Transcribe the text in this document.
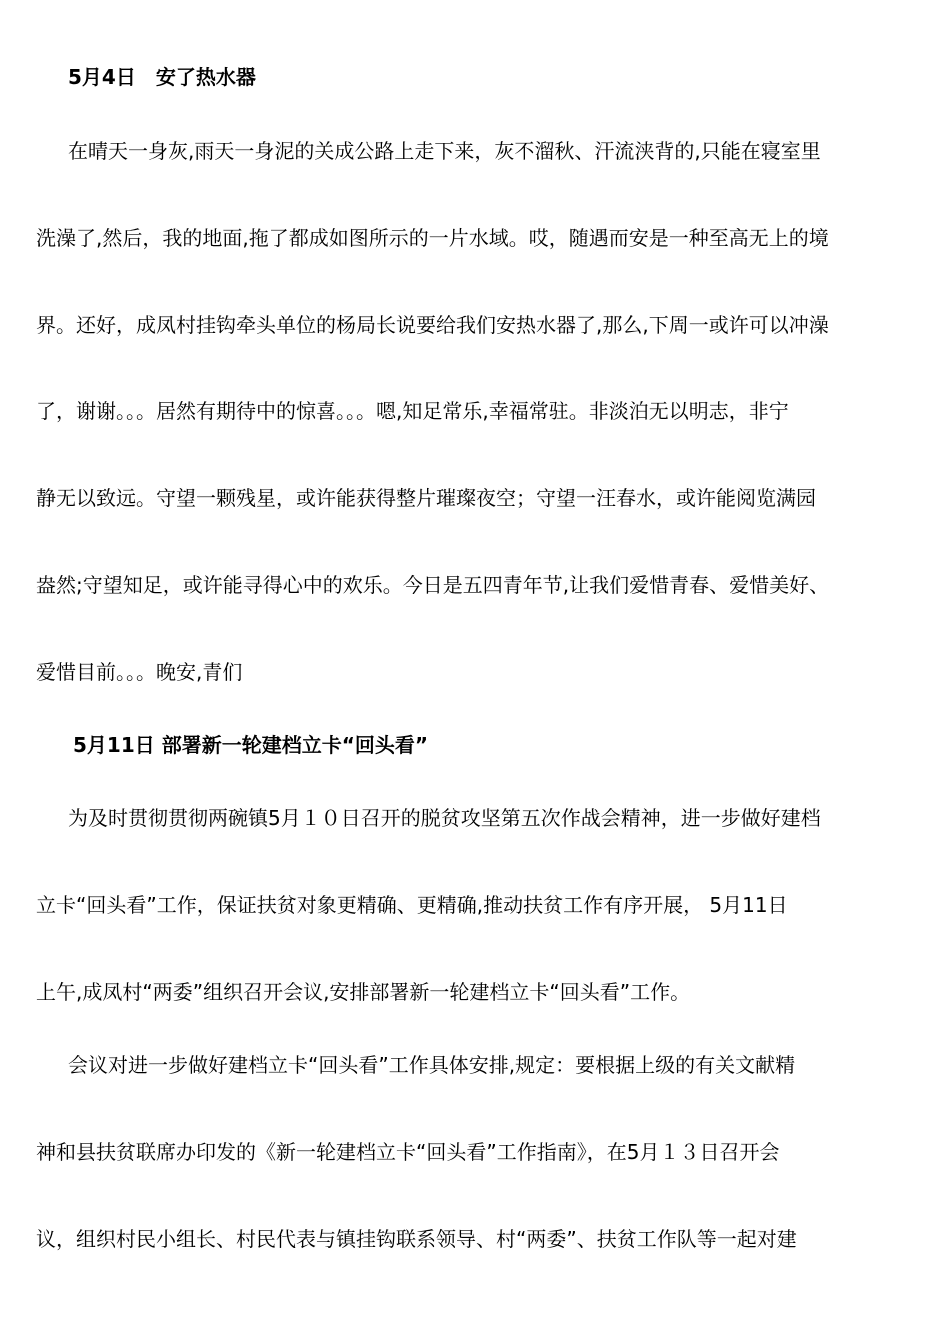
5月4日　安了热水器

在晴天一身灰,雨天一身泥的关成公路上走下来，灰不溜秋、汗流浃背的,只能在寝室里

洗澡了,然后，我的地面,拖了都成如图所示的一片水域。哎，随遇而安是一种至高无上的境

界。还好，成凤村挂钩牵头单位的杨局长说要给我们安热水器了,那么,下周一或许可以冲澡

了，谢谢。。。居然有期待中的惊喜。。。嗯,知足常乐,幸福常驻。非淡泊无以明志，非宁

静无以致远。守望一颗残星，或许能获得整片璀璨夜空；守望一汪春水，或许能阅览满园

盎然;守望知足，或许能寻得心中的欢乐。今日是五四青年节,让我们爱惜青春、爱惜美好、

爱惜目前。。。晚安,青们

5月11日 部署新一轮建档立卡“回头看”

为及时贯彻贯彻两碗镇5月１０日召开的脱贫攻坚第五次作战会精神，进一步做好建档

立卡“回头看”工作，保证扶贫对象更精确、更精确,推动扶贫工作有序开展， 5月11日

上午,成凤村“两委”组织召开会议,安排部署新一轮建档立卡“回头看”工作。

会议对进一步做好建档立卡“回头看”工作具体安排,规定：要根据上级的有关文献精

神和县扶贫联席办印发的《新一轮建档立卡“回头看”工作指南》，在5月１３日召开会

议，组织村民小组长、村民代表与镇挂钩联系领导、村“两委”、扶贫工作队等一起对建
